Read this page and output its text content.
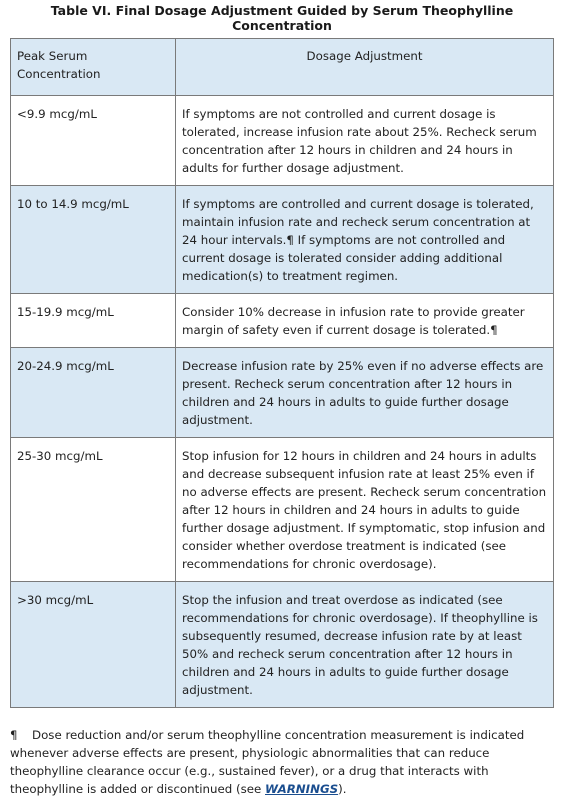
Table VI. Final Dosage Adjustment Guided by Serum Theophylline Concentration
Peak Serum Concentration	Dosage Adjustment
<9.9 mcg/mL	If symptoms are not controlled and current dosage is tolerated, increase infusion rate about 25%. Recheck serum concentration after 12 hours in children and 24 hours in adults for further dosage adjustment.
10 to 14.9 mcg/mL	If symptoms are controlled and current dosage is tolerated, maintain infusion rate and recheck serum concentration at 24 hour intervals.¶ If symptoms are not controlled and current dosage is tolerated consider adding additional medication(s) to treatment regimen.
15-19.9 mcg/mL	Consider 10% decrease in infusion rate to provide greater margin of safety even if current dosage is tolerated.¶
20-24.9 mcg/mL	Decrease infusion rate by 25% even if no adverse effects are present. Recheck serum concentration after 12 hours in children and 24 hours in adults to guide further dosage adjustment.
25-30 mcg/mL	Stop infusion for 12 hours in children and 24 hours in adults and decrease subsequent infusion rate at least 25% even if no adverse effects are present. Recheck serum concentration after 12 hours in children and 24 hours in adults to guide further dosage adjustment. If symptomatic, stop infusion and consider whether overdose treatment is indicated (see recommendations for chronic overdosage).
>30 mcg/mL	Stop the infusion and treat overdose as indicated (see recommendations for chronic overdosage). If theophylline is subsequently resumed, decrease infusion rate by at least 50% and recheck serum concentration after 12 hours in children and 24 hours in adults to guide further dosage adjustment.
¶ Dose reduction and/or serum theophylline concentration measurement is indicated whenever adverse effects are present, physiologic abnormalities that can reduce theophylline clearance occur (e.g., sustained fever), or a drug that interacts with theophylline is added or discontinued (see WARNINGS).
